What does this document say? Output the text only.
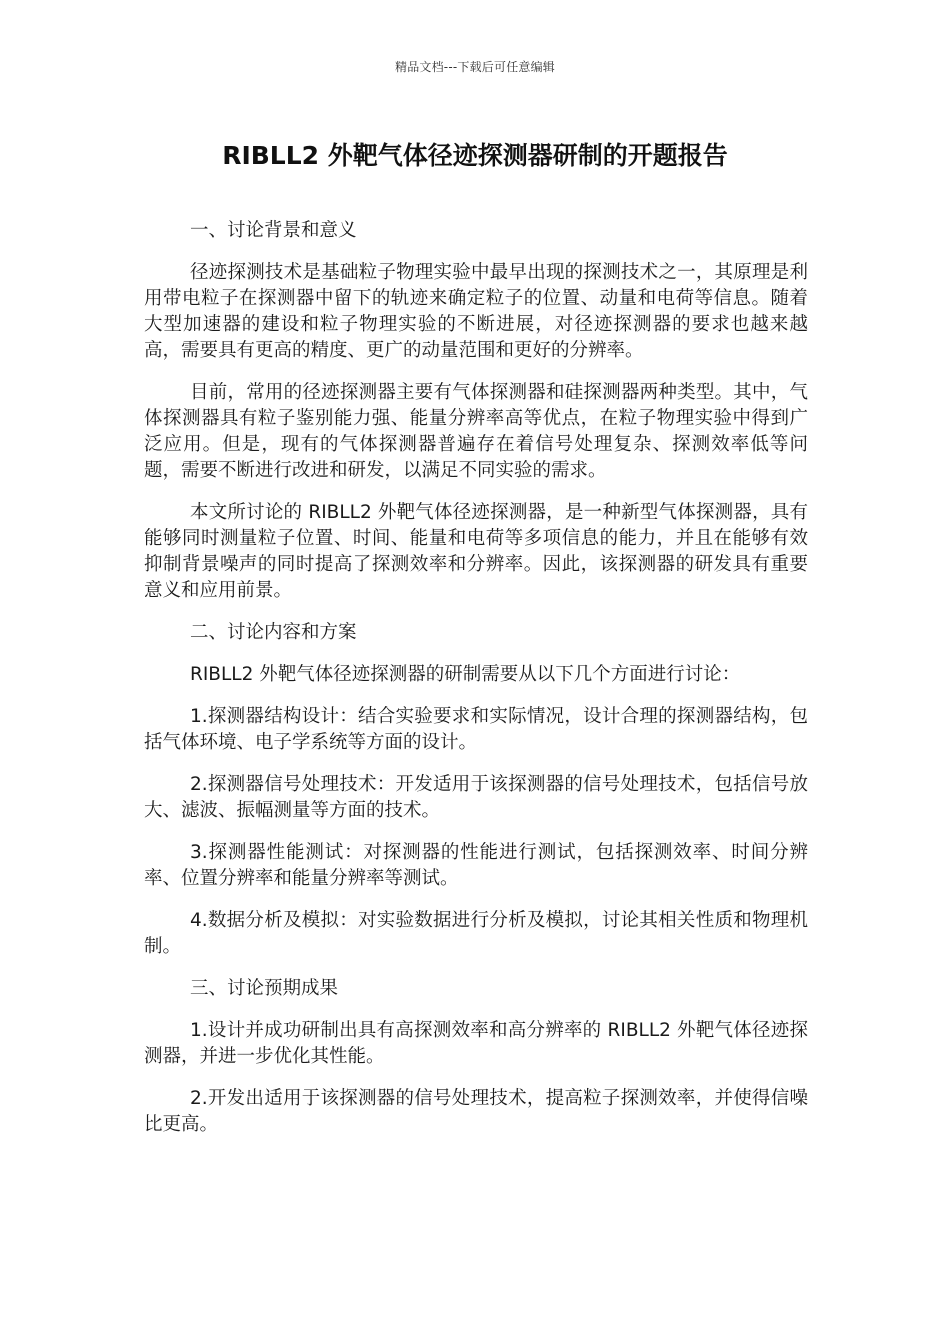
精品文档---下载后可任意编辑
RIBLL2 外靶气体径迹探测器研制的开题报告

一、讨论背景和意义

径迹探测技术是基础粒子物理实验中最早出现的探测技术之一，其原理是利用带电粒子在探测器中留下的轨迹来确定粒子的位置、动量和电荷等信息。随着大型加速器的建设和粒子物理实验的不断进展，对径迹探测器的要求也越来越高，需要具有更高的精度、更广的动量范围和更好的分辨率。

目前，常用的径迹探测器主要有气体探测器和硅探测器两种类型。其中，气体探测器具有粒子鉴别能力强、能量分辨率高等优点，在粒子物理实验中得到广泛应用。但是，现有的气体探测器普遍存在着信号处理复杂、探测效率低等问题，需要不断进行改进和研发，以满足不同实验的需求。

本文所讨论的 RIBLL2 外靶气体径迹探测器，是一种新型气体探测器，具有能够同时测量粒子位置、时间、能量和电荷等多项信息的能力，并且在能够有效抑制背景噪声的同时提高了探测效率和分辨率。因此，该探测器的研发具有重要意义和应用前景。

二、讨论内容和方案

RIBLL2 外靶气体径迹探测器的研制需要从以下几个方面进行讨论：

1.探测器结构设计：结合实验要求和实际情况，设计合理的探测器结构，包括气体环境、电子学系统等方面的设计。

2.探测器信号处理技术：开发适用于该探测器的信号处理技术，包括信号放大、滤波、振幅测量等方面的技术。

3.探测器性能测试：对探测器的性能进行测试，包括探测效率、时间分辨率、位置分辨率和能量分辨率等测试。

4.数据分析及模拟：对实验数据进行分析及模拟，讨论其相关性质和物理机制。

三、讨论预期成果

1.设计并成功研制出具有高探测效率和高分辨率的 RIBLL2 外靶气体径迹探测器，并进一步优化其性能。

2.开发出适用于该探测器的信号处理技术，提高粒子探测效率，并使得信噪比更高。
